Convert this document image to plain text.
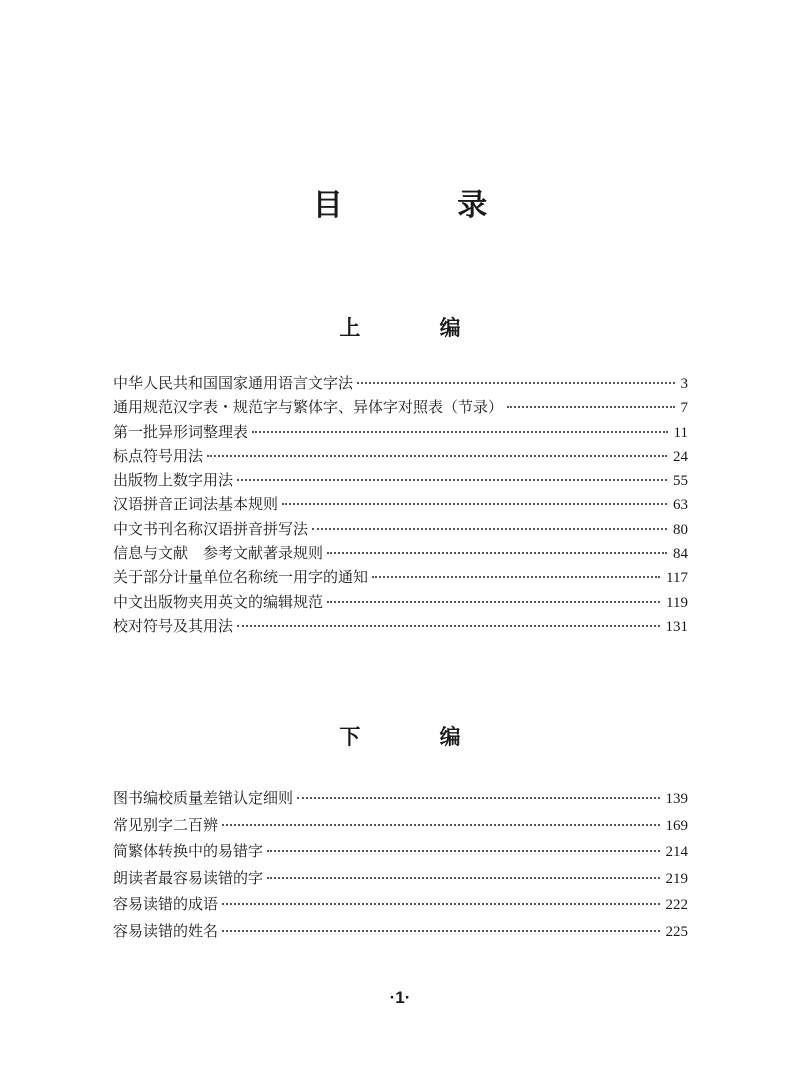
目 录
上 编
中华人民共和国国家通用语言文字法	3
通用规范汉字表・规范字与繁体字、异体字对照表（节录）	7
第一批异形词整理表	11
标点符号用法	24
出版物上数字用法	55
汉语拼音正词法基本规则	63
中文书刊名称汉语拼音拼写法	80
信息与文献　参考文献著录规则	84
关于部分计量单位名称统一用字的通知	117
中文出版物夹用英文的编辑规范	119
校对符号及其用法	131
下 编
图书编校质量差错认定细则	139
常见别字二百辨	169
简繁体转换中的易错字	214
朗读者最容易读错的字	219
容易读错的成语	222
容易读错的姓名	225
·1·
